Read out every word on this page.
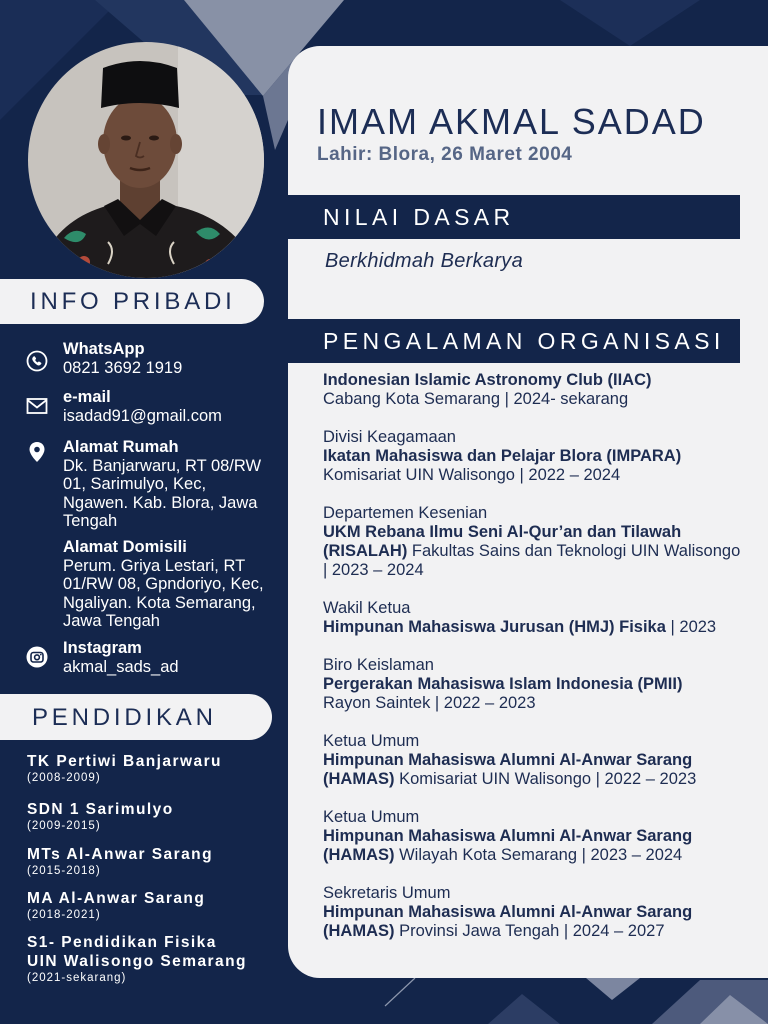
INFO PRIBADI
WhatsApp
0821 3692 1919
e-mail
isadad91@gmail.com
Alamat Rumah
Dk. Banjarwaru, RT 08/RW
01, Sarimulyo, Kec,
Ngawen. Kab. Blora, Jawa
Tengah
Alamat Domisili
Perum. Griya Lestari, RT
01/RW 08, Gpndoriyo, Kec,
Ngaliyan. Kota Semarang,
Jawa Tengah
Instagram
akmal_sads_ad
PENDIDIKAN
TK Pertiwi Banjarwaru
(2008-2009)
SDN 1 Sarimulyo
(2009-2015)
MTs Al-Anwar Sarang
(2015-2018)
MA Al-Anwar Sarang
(2018-2021)
S1- Pendidikan Fisika
UIN Walisongo Semarang
(2021-sekarang)
IMAM AKMAL SADAD
Lahir: Blora, 26 Maret 2004
NILAI DASAR
Berkhidmah Berkarya
PENGALAMAN ORGANISASI
Indonesian Islamic Astronomy Club (IIAC)
Cabang Kota Semarang | 2024- sekarang
Divisi Keagamaan
Ikatan Mahasiswa dan Pelajar Blora (IMPARA)
Komisariat UIN Walisongo | 2022 – 2024
Departemen Kesenian
UKM Rebana Ilmu Seni Al-Qur’an dan Tilawah
(RISALAH) Fakultas Sains dan Teknologi UIN Walisongo
| 2023 – 2024
Wakil Ketua
Himpunan Mahasiswa Jurusan (HMJ) Fisika | 2023
Biro Keislaman
Pergerakan Mahasiswa Islam Indonesia (PMII)
Rayon Saintek | 2022 – 2023
Ketua Umum
Himpunan Mahasiswa Alumni Al-Anwar Sarang
(HAMAS) Komisariat UIN Walisongo | 2022 – 2023
Ketua Umum
Himpunan Mahasiswa Alumni Al-Anwar Sarang
(HAMAS) Wilayah Kota Semarang | 2023 – 2024
Sekretaris Umum
Himpunan Mahasiswa Alumni Al-Anwar Sarang
(HAMAS) Provinsi Jawa Tengah | 2024 – 2027
